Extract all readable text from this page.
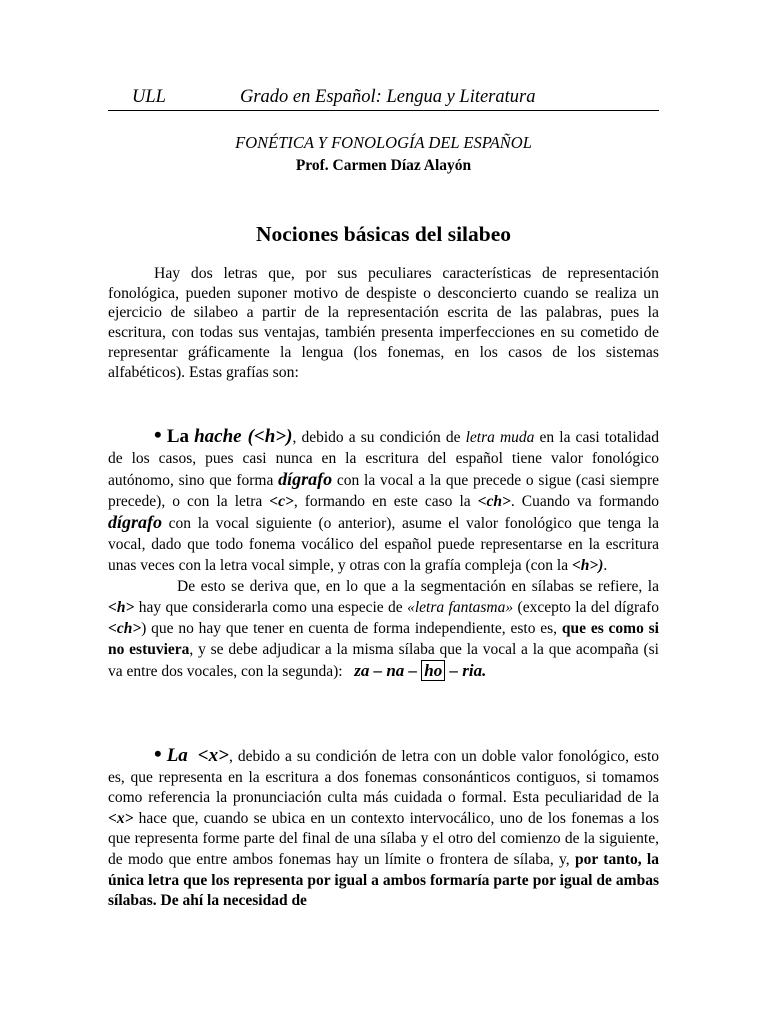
ULL	Grado en Español: Lengua y Literatura
FONÉTICA Y FONOLOGÍA DEL ESPAÑOL
Prof. Carmen Díaz Alayón
Nociones básicas del silabeo
Hay dos letras que, por sus peculiares características de representación fonológica, pueden suponer motivo de despiste o desconcierto cuando se realiza un ejercicio de silabeo a partir de la representación escrita de las palabras, pues la escritura, con todas sus ventajas, también presenta imperfecciones en su cometido de representar gráficamente la lengua (los fonemas, en los casos de los sistemas alfabéticos). Estas grafías son:
• La hache (<h>), debido a su condición de letra muda en la casi totalidad de los casos, pues casi nunca en la escritura del español tiene valor fonológico autónomo, sino que forma dígrafo con la vocal a la que precede o sigue (casi siempre precede), o con la letra <c>, formando en este caso la <ch>. Cuando va formando dígrafo con la vocal siguiente (o anterior), asume el valor fonológico que tenga la vocal, dado que todo fonema vocálico del español puede representarse en la escritura unas veces con la letra vocal simple, y otras con la grafía compleja (con la <h>).
De esto se deriva que, en lo que a la segmentación en sílabas se refiere, la <h> hay que considerarla como una especie de «letra fantasma» (excepto la del dígrafo <ch>) que no hay que tener en cuenta de forma independiente, esto es, que es como si no estuviera, y se debe adjudicar a la misma sílaba que la vocal a la que acompaña (si va entre dos vocales, con la segunda): za – na – ho – ria.
• La <x>, debido a su condición de letra con un doble valor fonológico, esto es, que representa en la escritura a dos fonemas consonánticos contiguos, si tomamos como referencia la pronunciación culta más cuidada o formal. Esta peculiaridad de la <x> hace que, cuando se ubica en un contexto intervocálico, uno de los fonemas a los que representa forme parte del final de una sílaba y el otro del comienzo de la siguiente, de modo que entre ambos fonemas hay un límite o frontera de sílaba, y, por tanto, la única letra que los representa por igual a ambos formaría parte por igual de ambas sílabas. De ahí la necesidad de
